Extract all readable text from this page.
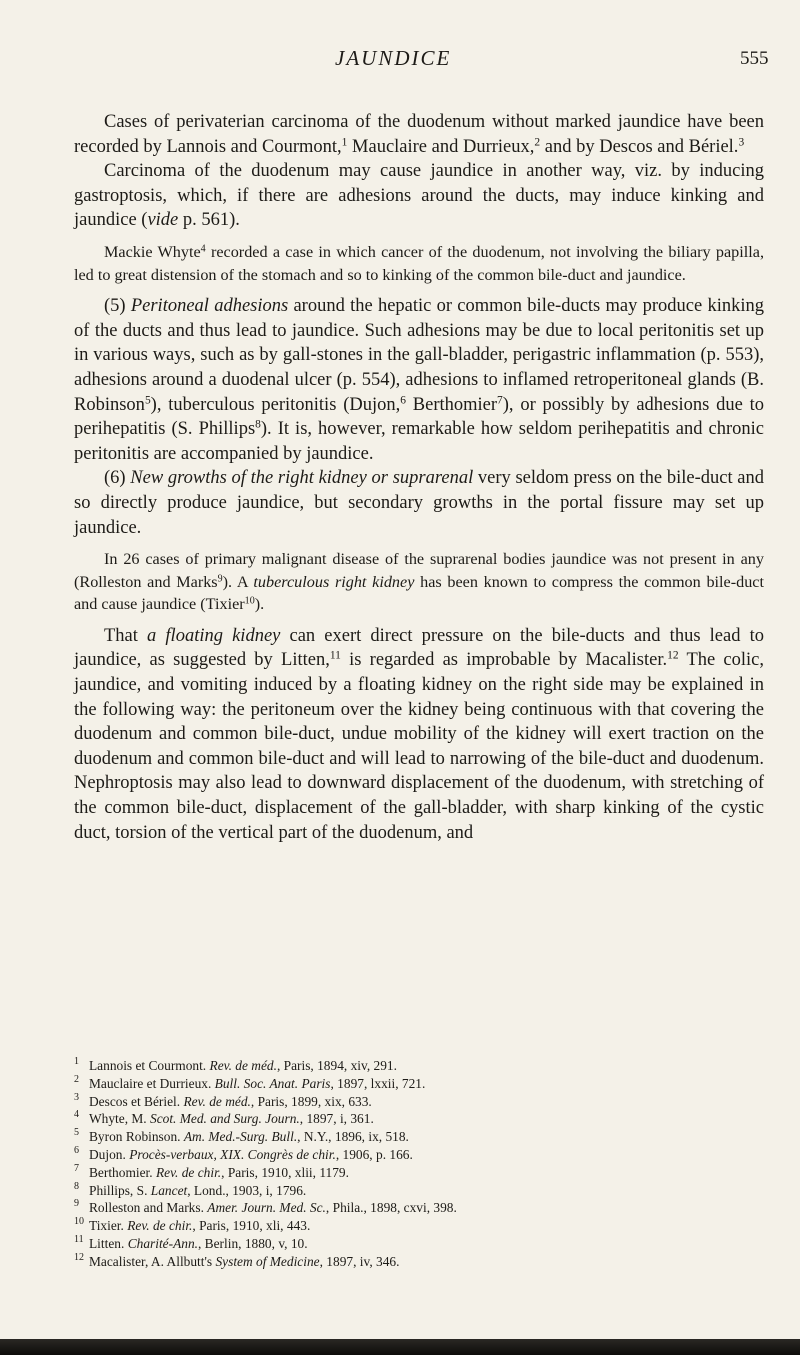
JAUNDICE	555

Cases of perivaterian carcinoma of the duodenum without marked jaundice have been recorded by Lannois and Courmont,$^1$ Mauclaire and Durrieux,$^2$ and by Descos and Bériel.$^3$

Carcinoma of the duodenum may cause jaundice in another way, viz. by inducing gastroptosis, which, if there are adhesions around the ducts, may induce kinking and jaundice (vide p. 561).

Mackie Whyte$^4$ recorded a case in which cancer of the duodenum, not involving the biliary papilla, led to great distension of the stomach and so to kinking of the common bile-duct and jaundice.

(5) Peritoneal adhesions around the hepatic or common bile-ducts may produce kinking of the ducts and thus lead to jaundice. Such adhesions may be due to local peritonitis set up in various ways, such as by gall-stones in the gall-bladder, perigastric inflammation (p. 553), adhesions around a duodenal ulcer (p. 554), adhesions to inflamed retroperitoneal glands (B. Robinson$^5$), tuberculous peritonitis (Dujon,$^6$ Berthomier$^7$), or possibly by adhesions due to perihepatitis (S. Phillips$^8$). It is, however, remarkable how seldom perihepatitis and chronic peritonitis are accompanied by jaundice.

(6) New growths of the right kidney or suprarenal very seldom press on the bile-duct and so directly produce jaundice, but secondary growths in the portal fissure may set up jaundice.

In 26 cases of primary malignant disease of the suprarenal bodies jaundice was not present in any (Rolleston and Marks$^9$). A tuberculous right kidney has been known to compress the common bile-duct and cause jaundice (Tixier$^{10}$).

That a floating kidney can exert direct pressure on the bile-ducts and thus lead to jaundice, as suggested by Litten,$^{11}$ is regarded as improbable by Macalister.$^{12}$ The colic, jaundice, and vomiting induced by a floating kidney on the right side may be explained in the following way: the peritoneum over the kidney being continuous with that covering the duodenum and common bile-duct, undue mobility of the kidney will exert traction on the duodenum and common bile-duct and will lead to narrowing of the bile-duct and duodenum. Nephroptosis may also lead to downward displacement of the duodenum, with stretching of the common bile-duct, displacement of the gall-bladder, with sharp kinking of the cystic duct, torsion of the vertical part of the duodenum, and

1 Lannois et Courmont. Rev. de méd., Paris, 1894, xiv, 291.
2 Mauclaire et Durrieux. Bull. Soc. Anat. Paris, 1897, lxxii, 721.
3 Descos et Bériel. Rev. de méd., Paris, 1899, xix, 633.
4 Whyte, M. Scot. Med. and Surg. Journ., 1897, i, 361.
5 Byron Robinson. Am. Med.-Surg. Bull., N.Y., 1896, ix, 518.
6 Dujon. Procès-verbaux, XIX. Congrès de chir., 1906, p. 166.
7 Berthomier. Rev. de chir., Paris, 1910, xlii, 1179.
8 Phillips, S. Lancet, Lond., 1903, i, 1796.
9 Rolleston and Marks. Amer. Journ. Med. Sc., Phila., 1898, cxvi, 398.
10 Tixier. Rev. de chir., Paris, 1910, xli, 443.
11 Litten. Charité-Ann., Berlin, 1880, v, 10.
12 Macalister, A. Allbutt's System of Medicine, 1897, iv, 346.
